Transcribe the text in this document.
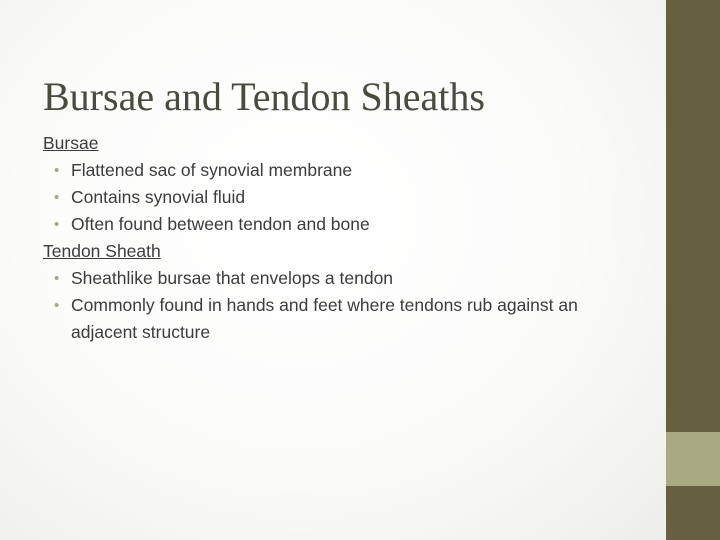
Bursae and Tendon Sheaths
Bursae
• Flattened sac of synovial membrane
• Contains synovial fluid
• Often found between tendon and bone
Tendon Sheath
• Sheathlike bursae that envelops a tendon
• Commonly found in hands and feet where tendons rub against an adjacent structure
